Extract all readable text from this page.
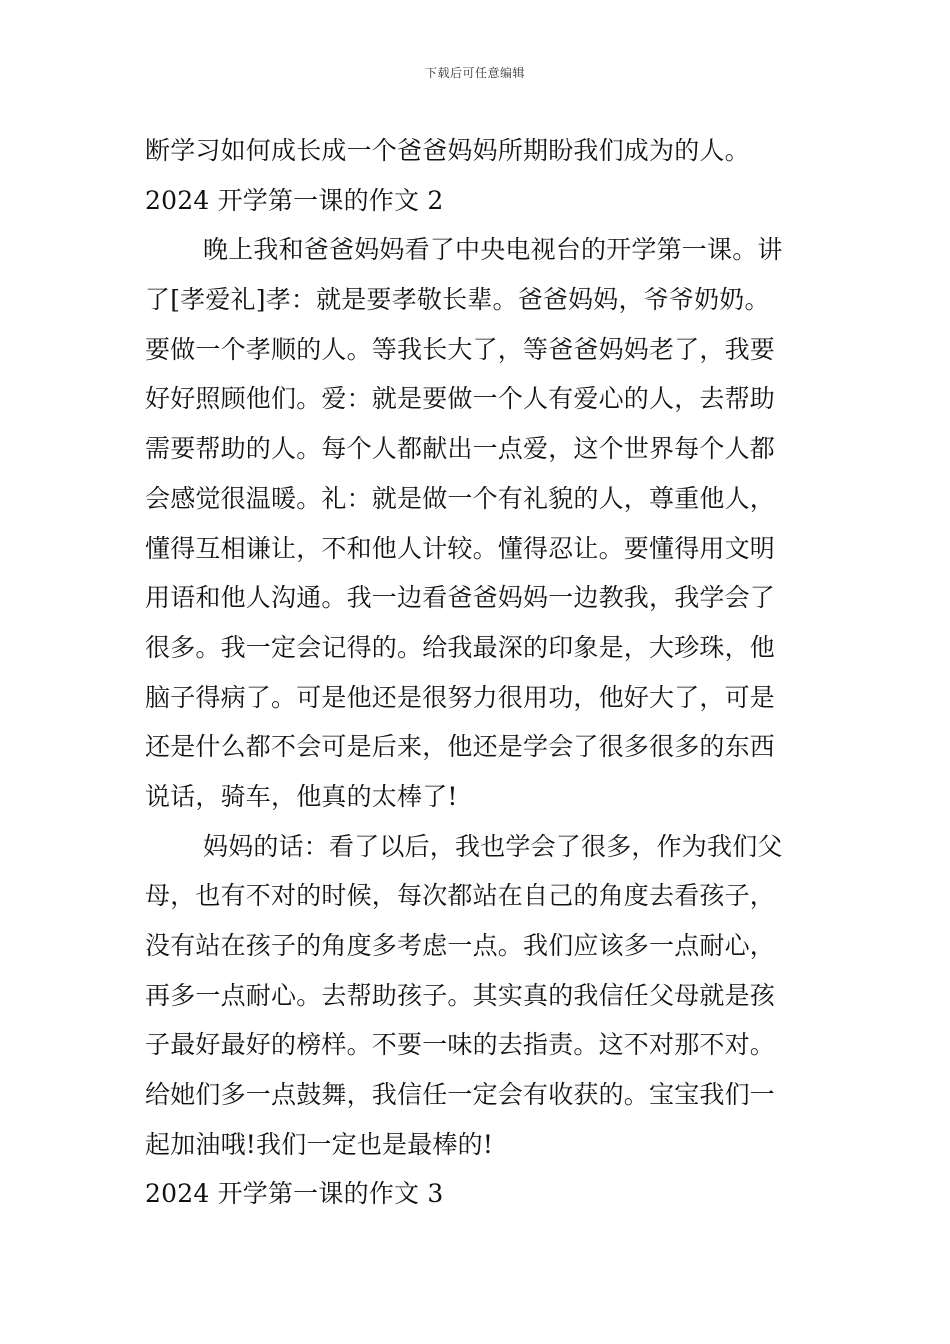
下载后可任意编辑
断学习如何成长成一个爸爸妈妈所期盼我们成为的人。
2024 开学第一课的作文 2
晚上我和爸爸妈妈看了中央电视台的开学第一课。讲
了[孝爱礼]孝：就是要孝敬长辈。爸爸妈妈，爷爷奶奶。
要做一个孝顺的人。等我长大了，等爸爸妈妈老了，我要
好好照顾他们。爱：就是要做一个人有爱心的人，去帮助
需要帮助的人。每个人都献出一点爱，这个世界每个人都
会感觉很温暖。礼：就是做一个有礼貌的人，尊重他人，
懂得互相谦让，不和他人计较。懂得忍让。要懂得用文明
用语和他人沟通。我一边看爸爸妈妈一边教我，我学会了
很多。我一定会记得的。给我最深的印象是，大珍珠，他
脑子得病了。可是他还是很努力很用功，他好大了，可是
还是什么都不会可是后来，他还是学会了很多很多的东西
说话，骑车，他真的太棒了!
妈妈的话：看了以后，我也学会了很多，作为我们父
母，也有不对的时候，每次都站在自己的角度去看孩子，
没有站在孩子的角度多考虑一点。我们应该多一点耐心，
再多一点耐心。去帮助孩子。其实真的我信任父母就是孩
子最好最好的榜样。不要一味的去指责。这不对那不对。
给她们多一点鼓舞，我信任一定会有收获的。宝宝我们一
起加油哦!我们一定也是最棒的!
2024 开学第一课的作文 3
